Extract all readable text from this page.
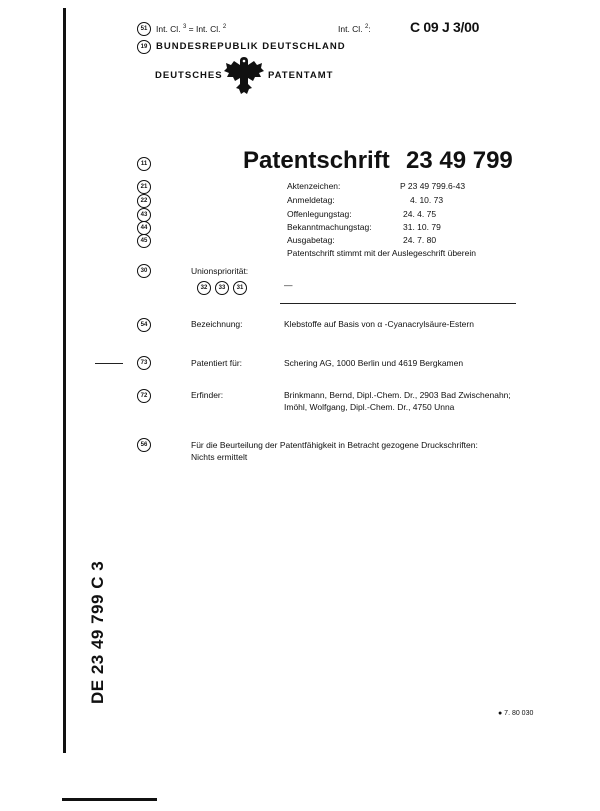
51	Int. Cl. $^3$ = Int. Cl. $^2$	Int. Cl. $^2$:	C 09 J 3/00
19 BUNDESREPUBLIK DEUTSCHLAND
DEUTSCHES	PATENTAMT
11	Patentschrift 23 49 799
21	Aktenzeichen:	P 23 49 799.6-43
22	Anmeldetag:	4. 10. 73
43	Offenlegungstag:	24. 4. 75
44	Bekanntmachungstag:	31. 10. 79
45	Ausgabetag:	24. 7. 80
Patentschrift stimmt mit der Auslegeschrift überein
30	Unionspriorität:
32	33	31	—
54	Bezeichnung:	Klebstoffe auf Basis von α -Cyanacrylsäure-Estern
73	Patentiert für:	Schering AG, 1000 Berlin und 4619 Bergkamen
72	Erfinder:	Brinkmann, Bernd, Dipl.-Chem. Dr., 2903 Bad Zwischenahn;
Imöhl, Wolfgang, Dipl.-Chem. Dr., 4750 Unna
56	Für die Beurteilung der Patentfähigkeit in Betracht gezogene Druckschriften:
Nichts ermittelt
DE 23 49 799 C 3
● 7. 80 030
